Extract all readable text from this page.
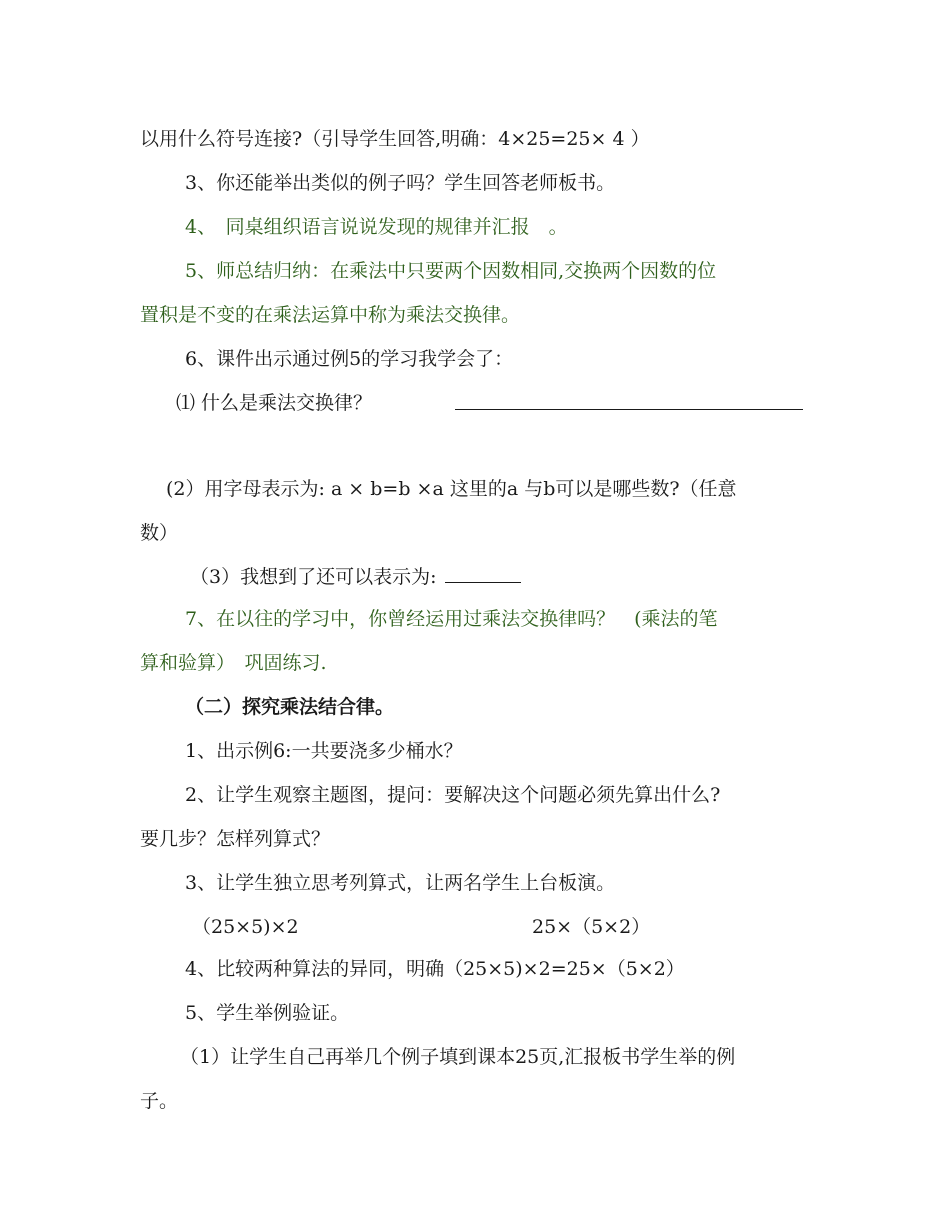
以用什么符号连接?（引导学生回答,明确：4×25=25× 4 ）
3、你还能举出类似的例子吗？学生回答老师板书。
4、　同桌组织语言说说发现的规律并汇报　。
5、师总结归纳：在乘法中只要两个因数相同,交换两个因数的位
置积是不变的在乘法运算中称为乘法交换律。
6、课件出示通过例5的学习我学会了：
⑴ 什么是乘法交换律？
(2）用字母表示为: a × b=b ×a 这里的a 与b可以是哪些数?（任意
数）
（3）我想到了还可以表示为:
7、在以往的学习中，你曾经运用过乘法交换律吗？　(乘法的笔
算和验算）　巩固练习.
（二）探究乘法结合律。
1、出示例6:一共要浇多少桶水？
2、让学生观察主题图，提问：要解决这个问题必须先算出什么?
要几步？怎样列算式？
3、让学生独立思考列算式，让两名学生上台板演。
（25×5)×2	25×（5×2）
4、比较两种算法的异同，明确（25×5)×2=25×（5×2）
5、学生举例验证。
（1）让学生自己再举几个例子填到课本25页,汇报板书学生举的例
子。
